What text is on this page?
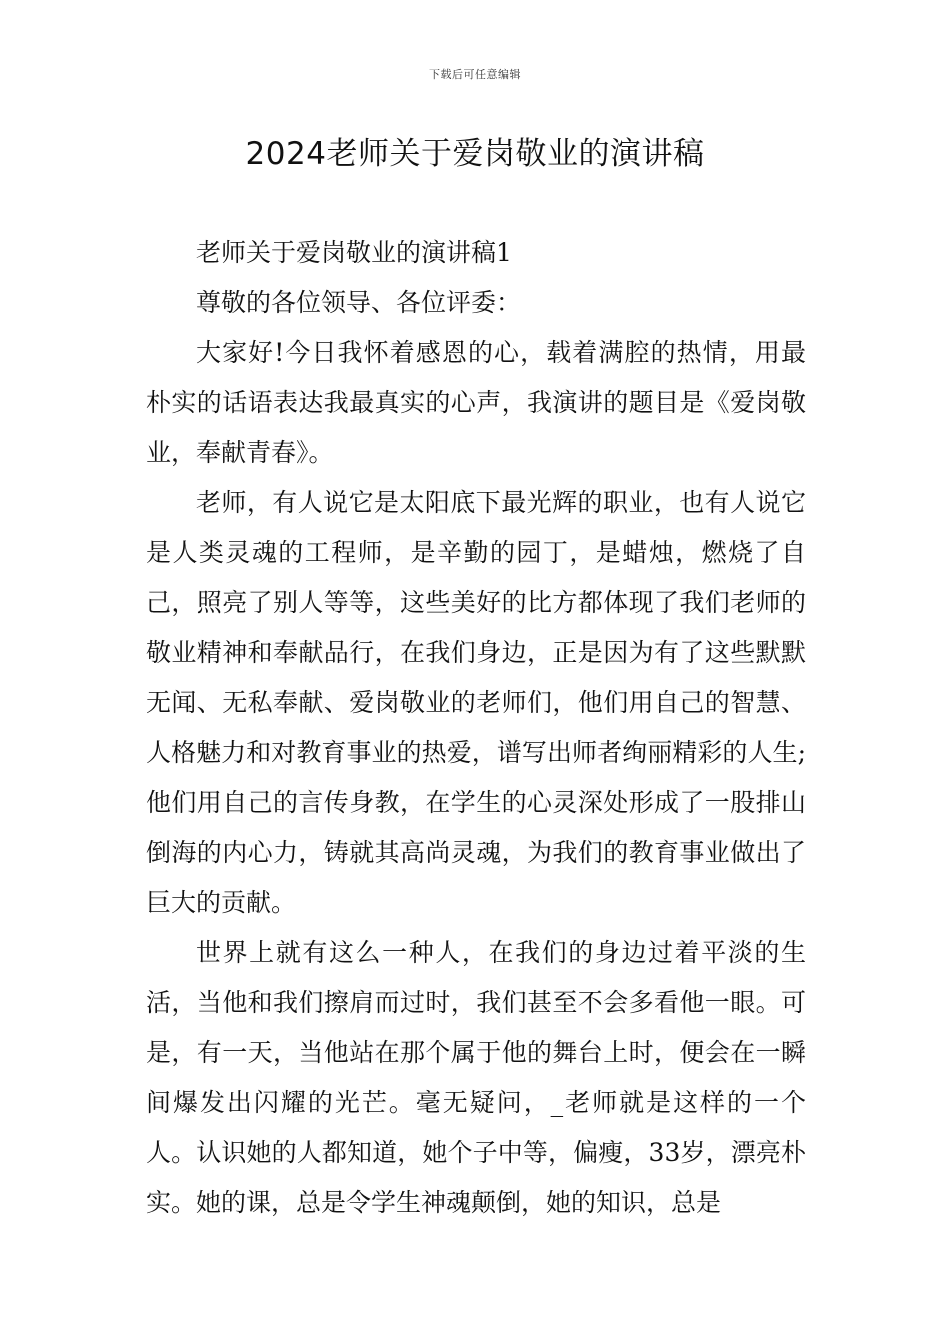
下载后可任意编辑
2024老师关于爱岗敬业的演讲稿

老师关于爱岗敬业的演讲稿1

尊敬的各位领导、各位评委：

大家好!今日我怀着感恩的心，载着满腔的热情，用最朴实的话语表达我最真实的心声，我演讲的题目是《爱岗敬业，奉献青春》。

老师，有人说它是太阳底下最光辉的职业，也有人说它是人类灵魂的工程师，是辛勤的园丁，是蜡烛，燃烧了自己，照亮了别人等等，这些美好的比方都体现了我们老师的敬业精神和奉献品行，在我们身边，正是因为有了这些默默无闻、无私奉献、爱岗敬业的老师们，他们用自己的智慧、人格魅力和对教育事业的热爱，谱写出师者绚丽精彩的人生;他们用自己的言传身教，在学生的心灵深处形成了一股排山倒海的内心力，铸就其高尚灵魂，为我们的教育事业做出了巨大的贡献。

世界上就有这么一种人，在我们的身边过着平淡的生活，当他和我们擦肩而过时，我们甚至不会多看他一眼。可是，有一天，当他站在那个属于他的舞台上时，便会在一瞬间爆发出闪耀的光芒。毫无疑问，_老师就是这样的一个人。认识她的人都知道，她个子中等，偏瘦，33岁，漂亮朴实。她的课，总是令学生神魂颠倒，她的知识，总是
